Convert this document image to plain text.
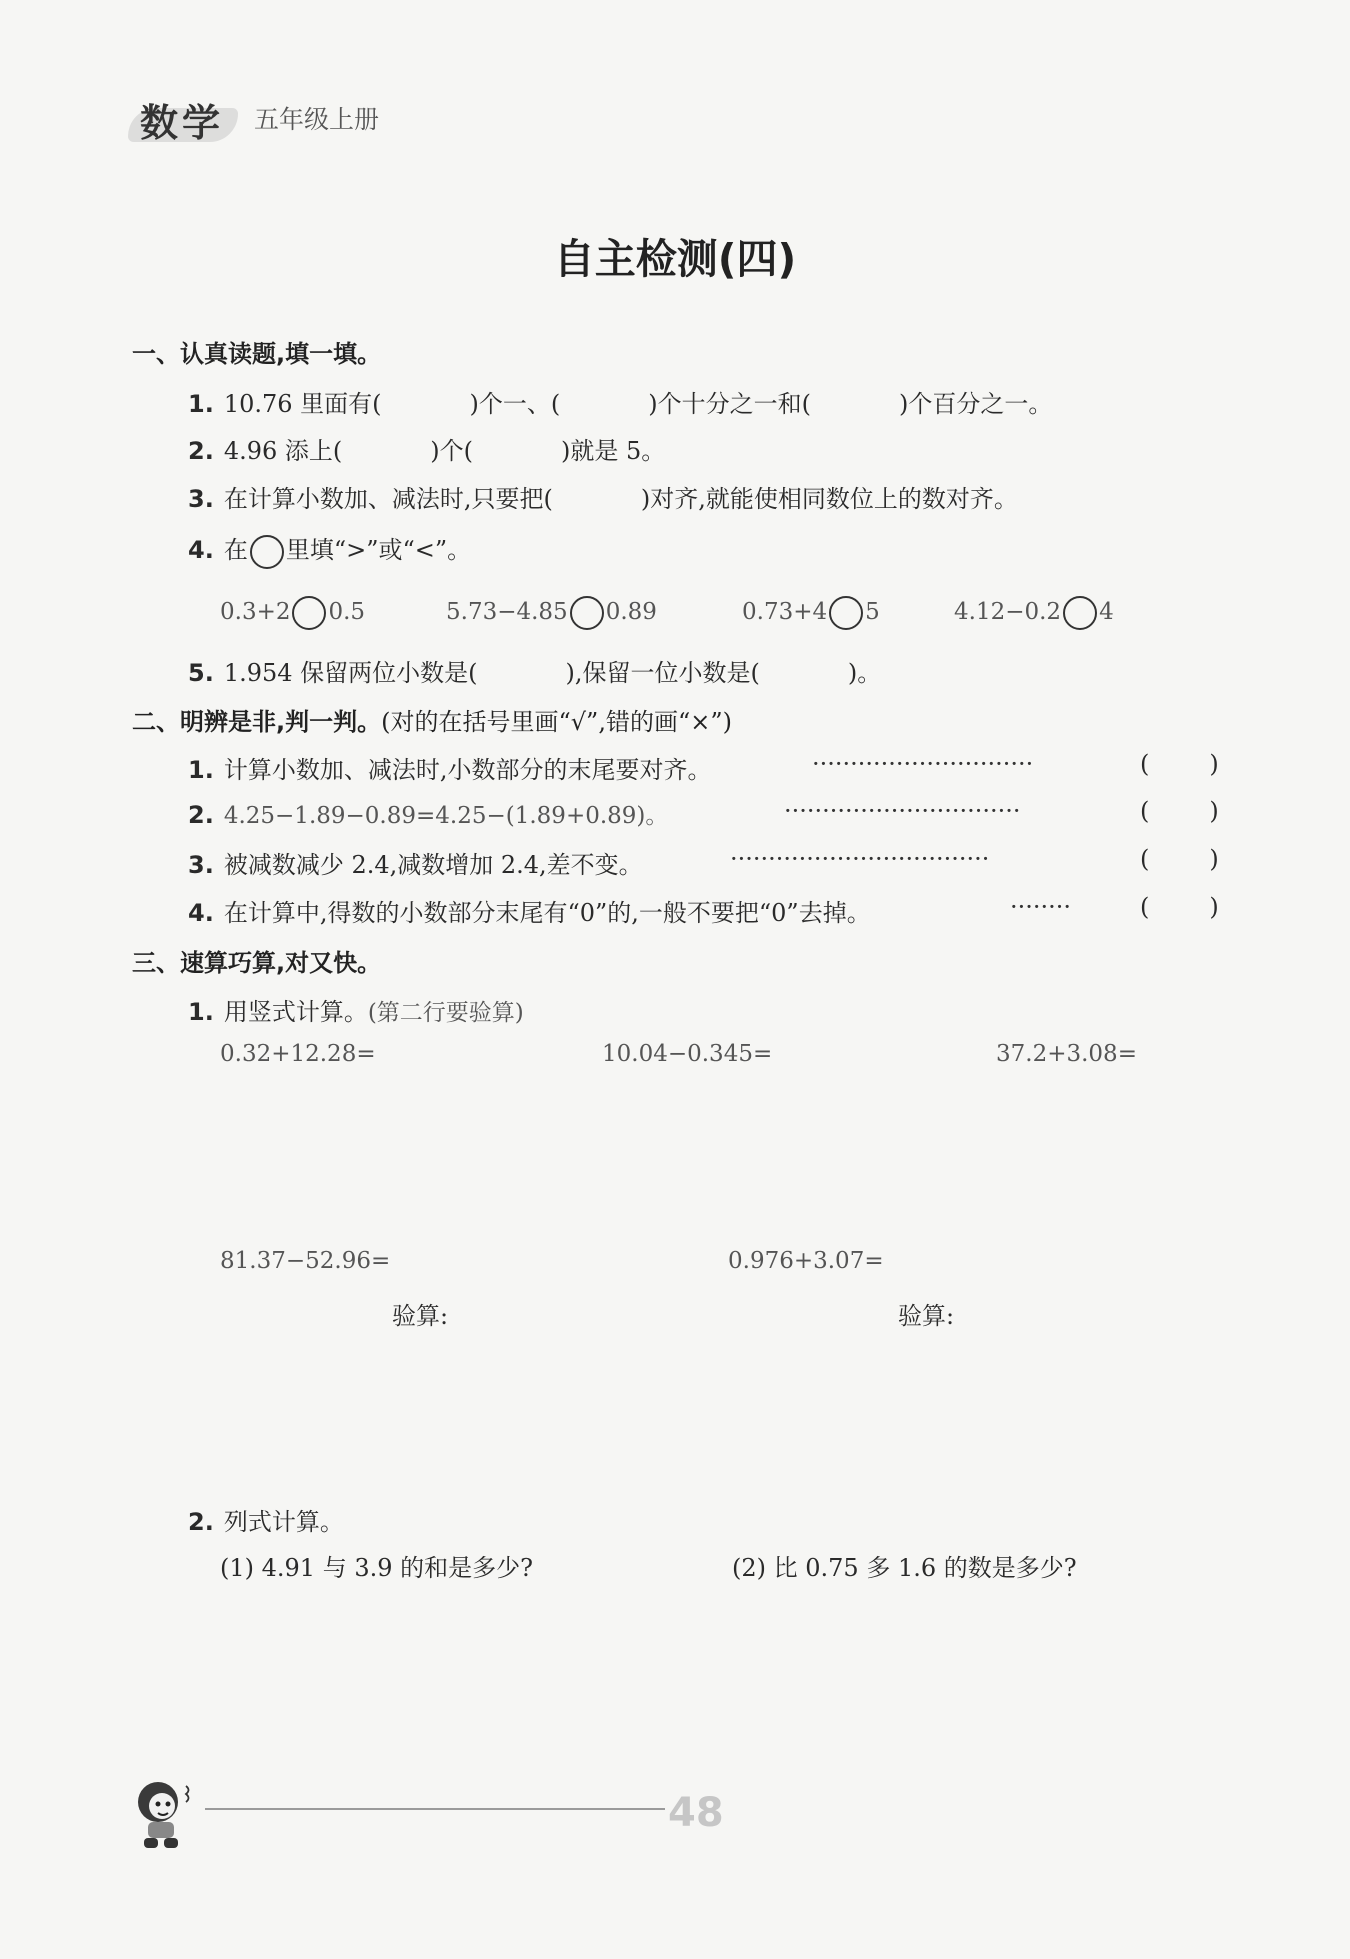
数学 五年级上册
自主检测(四)
一、认真读题,填一填。
1. 10.76 里面有(	)个一、(	)个十分之一和(	)个百分之一。
2. 4.96 添上(	)个(	)就是 5。
3. 在计算小数加、减法时,只要把(	)对齐,就能使相同数位上的数对齐。
4. 在 里填“>”或“<”。
0.3+2 0.5	5.73−4.85 0.89	0.73+4 5	4.12−0.2 4
5. 1.954 保留两位小数是(	),保留一位小数是(	)。
二、明辨是非,判一判。(对的在括号里画“√”,错的画“×”)
1. 计算小数加、减法时,小数部分的末尾要对齐。	·····························	(	)
2. 4.25−1.89−0.89=4.25−(1.89+0.89)。	·······························	(	)
3. 被减数减少 2.4,减数增加 2.4,差不变。	··································	(	)
4. 在计算中,得数的小数部分末尾有“0”的,一般不要把“0”去掉。	········	(	)
三、速算巧算,对又快。
1. 用竖式计算。(第二行要验算)
0.32+12.28=	10.04−0.345=	37.2+3.08=
81.37−52.96=	0.976+3.07=
验算:	验算:
2. 列式计算。
(1) 4.91 与 3.9 的和是多少?	(2) 比 0.75 多 1.6 的数是多少?
48
